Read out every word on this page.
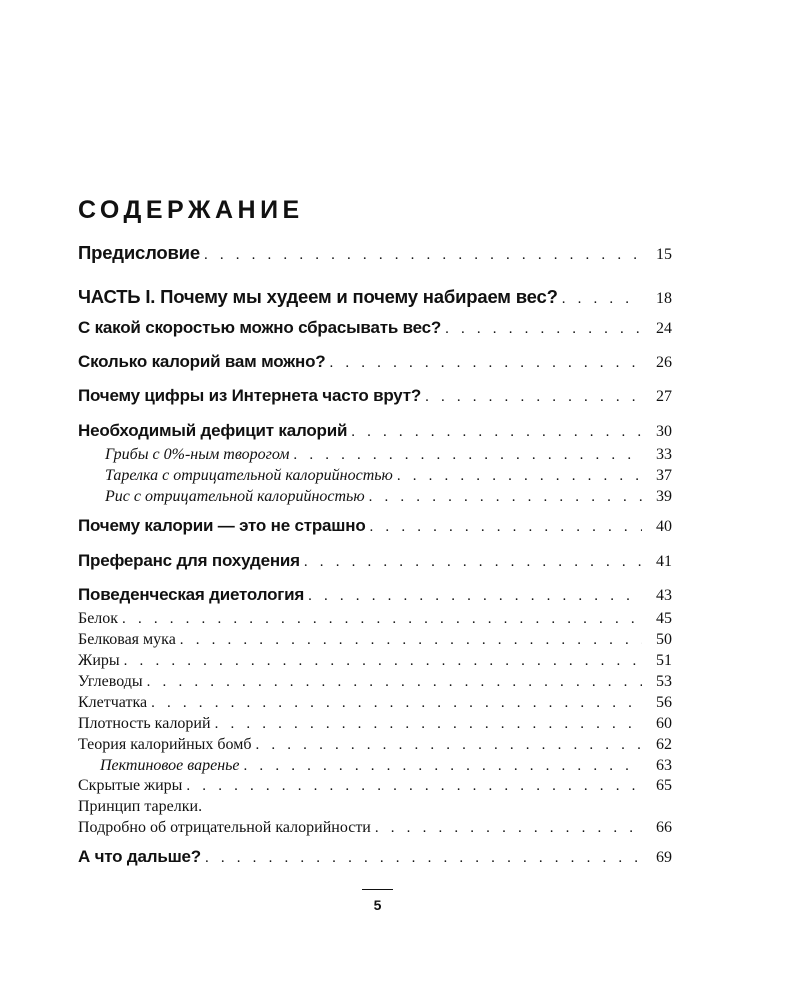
СОДЕРЖАНИЕ
Предисловие . . .	15
ЧАСТЬ I. Почему мы худеем и почему набираем вес? . . .	18
С какой скоростью можно сбрасывать вес? . . .	24
Сколько калорий вам можно? . . .	26
Почему цифры из Интернета часто врут? . . .	27
Необходимый дефицит калорий . . .	30
Грибы с 0%-ным творогом . . .	33
Тарелка с отрицательной калорийностью . . .	37
Рис с отрицательной калорийностью . . .	39
Почему калории — это не страшно . . .	40
Преферанс для похудения . . .	41
Поведенческая диетология . . .	43
Белок . . .	45
Белковая мука . . .	50
Жиры . . .	51
Углеводы . . .	53
Клетчатка . . .	56
Плотность калорий . . .	60
Теория калорийных бомб . . .	62
Пектиновое варенье . . .	63
Скрытые жиры . . .	65
Принцип тарелки.
Подробно об отрицательной калорийности . . .	66
А что дальше? . . .	69
5
